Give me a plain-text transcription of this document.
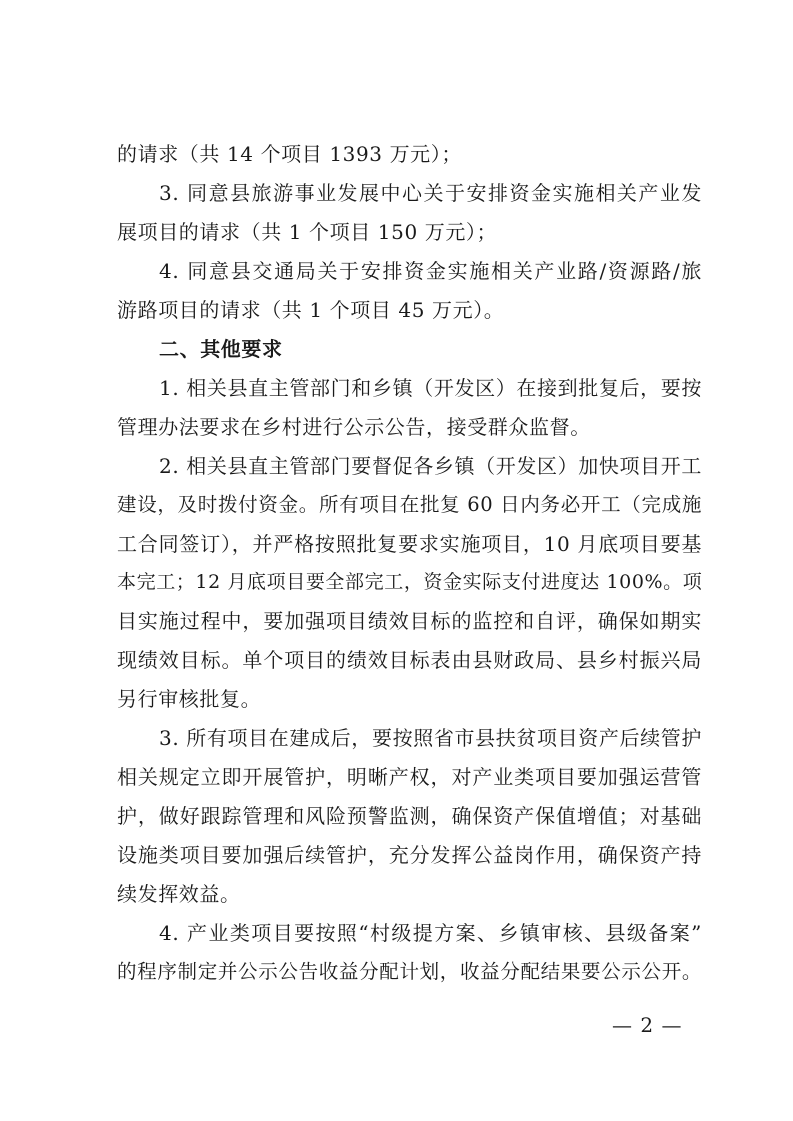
的请求（共 14 个项目 1393 万元）；

3. 同意县旅游事业发展中心关于安排资金实施相关产业发

展项目的请求（共 1 个项目 150 万元）；

4. 同意县交通局关于安排资金实施相关产业路/资源路/旅

游路项目的请求（共 1 个项目 45 万元）。

二、其他要求

1. 相关县直主管部门和乡镇（开发区）在接到批复后，要按

管理办法要求在乡村进行公示公告，接受群众监督。

2. 相关县直主管部门要督促各乡镇（开发区）加快项目开工

建设，及时拨付资金。所有项目在批复 60 日内务必开工（完成施

工合同签订），并严格按照批复要求实施项目，10 月底项目要基

本完工；12 月底项目要全部完工，资金实际支付进度达 100%。项

目实施过程中，要加强项目绩效目标的监控和自评，确保如期实

现绩效目标。单个项目的绩效目标表由县财政局、县乡村振兴局

另行审核批复。

3. 所有项目在建成后，要按照省市县扶贫项目资产后续管护

相关规定立即开展管护，明晰产权，对产业类项目要加强运营管

护，做好跟踪管理和风险预警监测，确保资产保值增值；对基础

设施类项目要加强后续管护，充分发挥公益岗作用，确保资产持

续发挥效益。

4. 产业类项目要按照“村级提方案、乡镇审核、县级备案”

的程序制定并公示公告收益分配计划，收益分配结果要公示公开。

— 2 —
